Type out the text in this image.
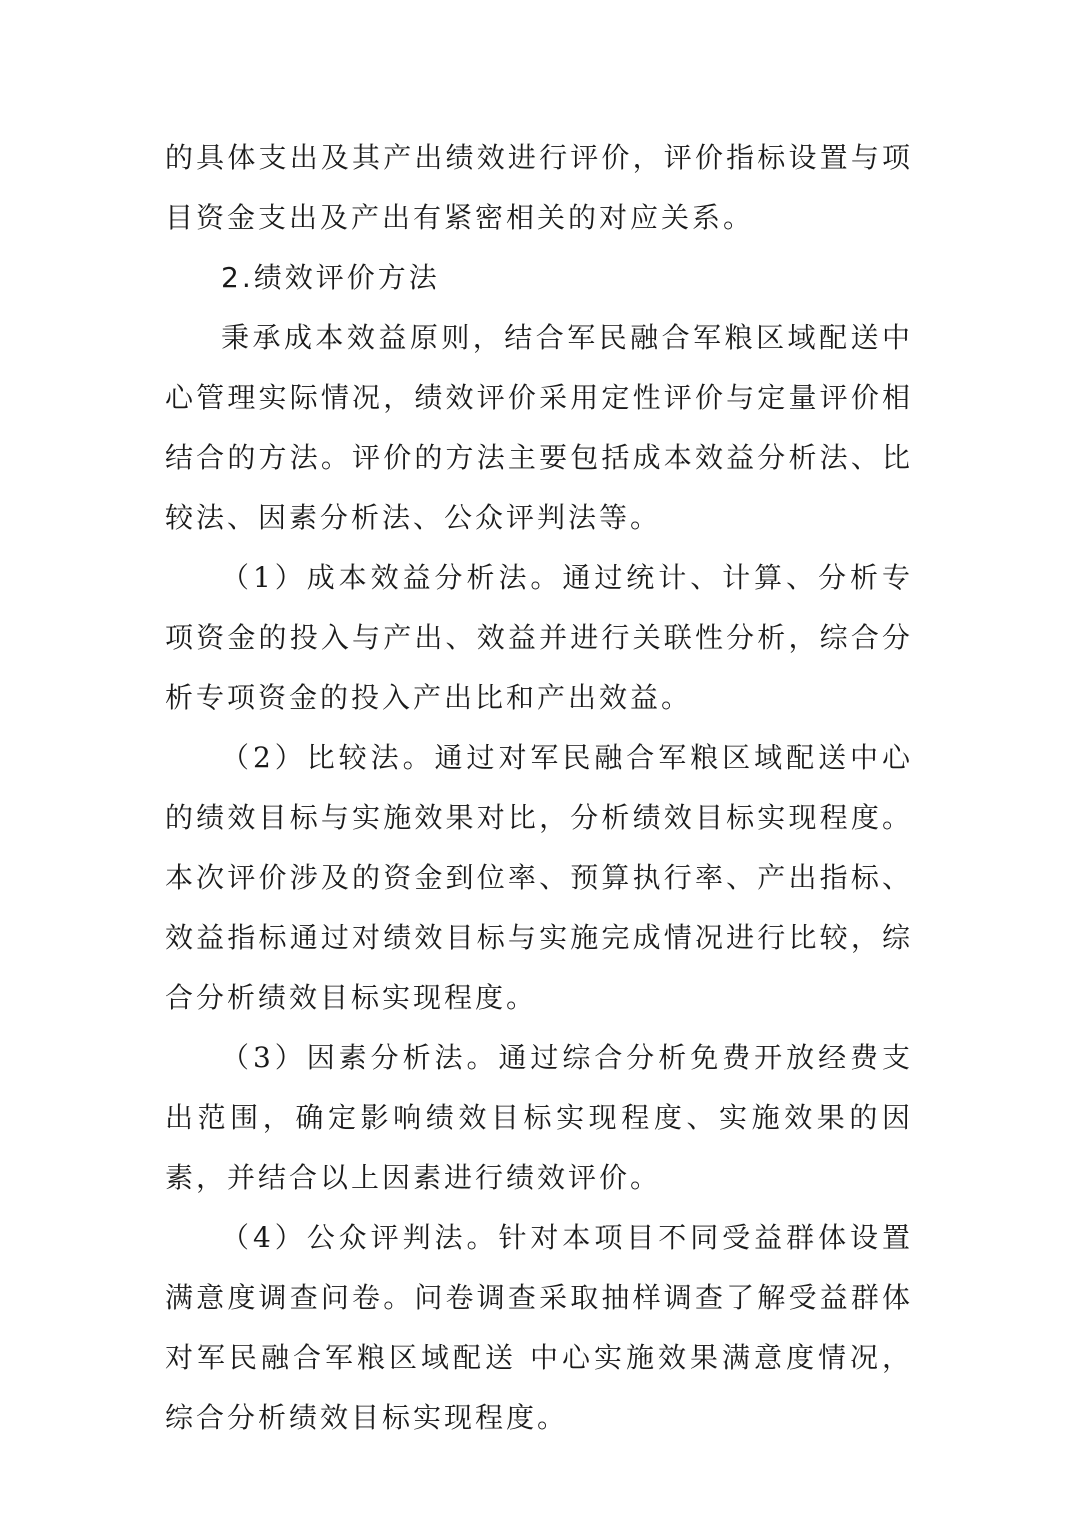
的具体支出及其产出绩效进行评价，评价指标设置与项目资金支出及产出有紧密相关的对应关系。

2.绩效评价方法

秉承成本效益原则，结合军民融合军粮区域配送中心管理实际情况，绩效评价采用定性评价与定量评价相结合的方法。评价的方法主要包括成本效益分析法、比较法、因素分析法、公众评判法等。

（1）成本效益分析法。通过统计、计算、分析专项资金的投入与产出、效益并进行关联性分析，综合分析专项资金的投入产出比和产出效益。

（2）比较法。通过对军民融合军粮区域配送中心的绩效目标与实施效果对比，分析绩效目标实现程度。本次评价涉及的资金到位率、预算执行率、产出指标、效益指标通过对绩效目标与实施完成情况进行比较，综合分析绩效目标实现程度。

（3）因素分析法。通过综合分析免费开放经费支出范围，确定影响绩效目标实现程度、实施效果的因素，并结合以上因素进行绩效评价。

（4）公众评判法。针对本项目不同受益群体设置满意度调查问卷。问卷调查采取抽样调查了解受益群体对军民融合军粮区域配送 中心实施效果满意度情况，综合分析绩效目标实现程度。
